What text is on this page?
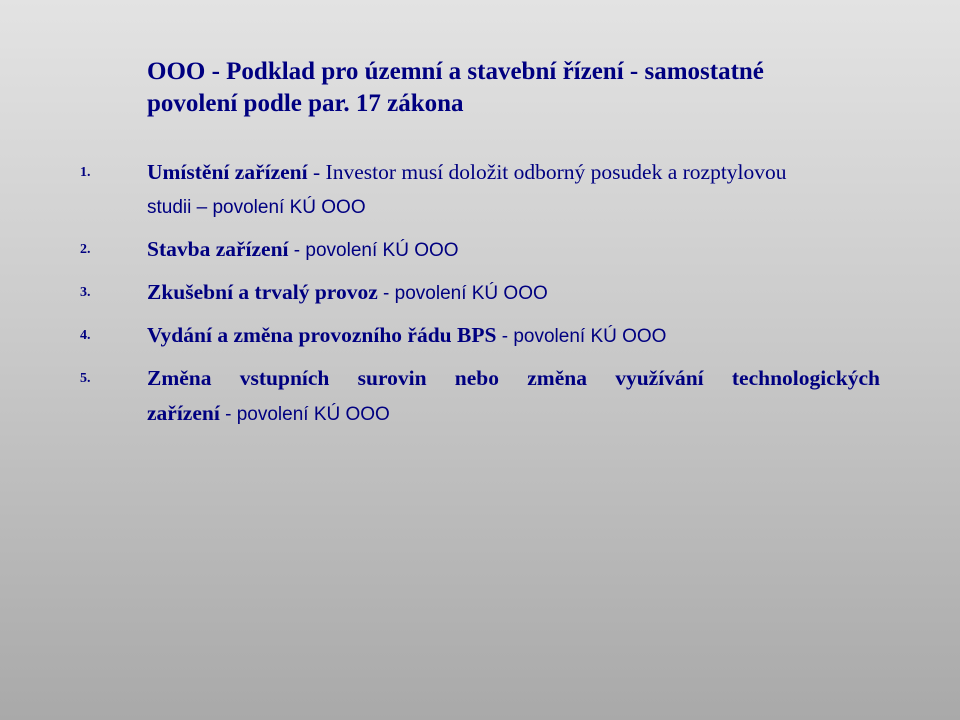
OOO - Podklad pro územní a stavební řízení - samostatné
povolení podle par. 17 zákona
1.	Umístění zařízení - Investor musí doložit odborný posudek a rozptylovou
studii – povolení KÚ OOO
2.	Stavba zařízení - povolení KÚ OOO
3.	Zkušební a trvalý provoz - povolení KÚ OOO
4.	Vydání a změna provozního řádu BPS - povolení KÚ OOO
5.	Změna vstupních surovin nebo změna využívání technologických
zařízení - povolení KÚ OOO
